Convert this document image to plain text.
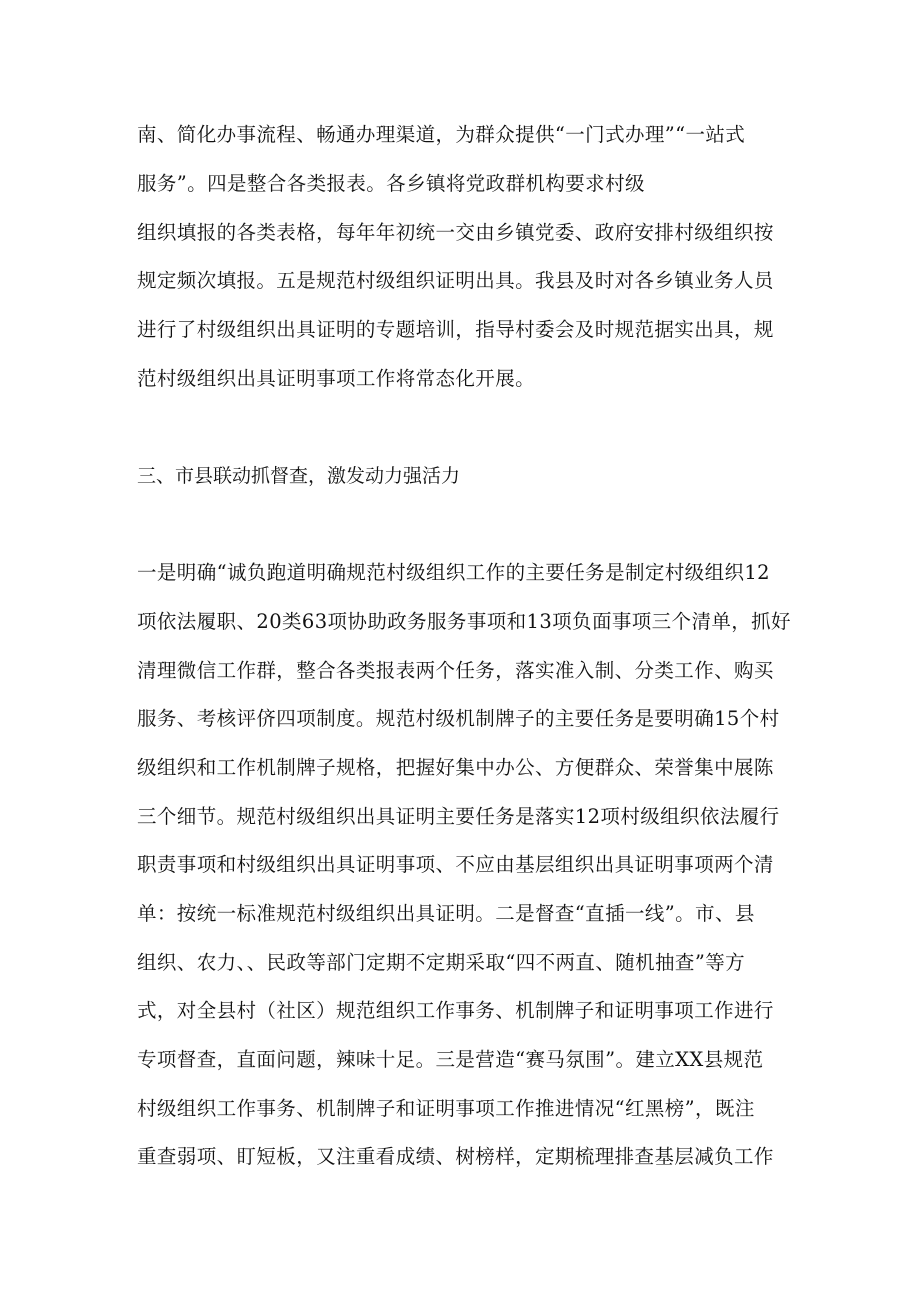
南、简化办事流程、畅通办理渠道，为群众提供“一门式办理”“一站式
服务”。四是整合各类报表。各乡镇将党政群机构要求村级
组织填报的各类表格，每年年初统一交由乡镇党委、政府安排村级组织按
规定频次填报。五是规范村级组织证明出具。我县及时对各乡镇业务人员
进行了村级组织出具证明的专题培训，指导村委会及时规范据实出具，规
范村级组织出具证明事项工作将常态化开展。
三、市县联动抓督查，激发动力强活力
一是明确“诚负跑道明确规范村级组织工作的主要任务是制定村级组织12
项依法履职、20类63项协助政务服务事项和13项负面事项三个清单，抓好
清理微信工作群，整合各类报表两个任务，落实准入制、分类工作、购买
服务、考核评侪四项制度。规范村级机制牌子的主要任务是要明确15个村
级组织和工作机制牌子规格，把握好集中办公、方便群众、荣誉集中展陈
三个细节。规范村级组织出具证明主要任务是落实12项村级组织依法履行
职责事项和村级组织出具证明事项、不应由基层组织出具证明事项两个清
单：按统一标准规范村级组织出具证明。二是督查“直插一线”。市、县
组织、农力、、民政等部门定期不定期采取“四不两直、随机抽查”等方
式，对全县村（社区）规范组织工作事务、机制牌子和证明事项工作进行
专项督查，直面问题，辣味十足。三是营造“赛马氛围”。建立XX县规范
村级组织工作事务、机制牌子和证明事项工作推进情况“红黑榜”，既注
重查弱项、盯短板，又注重看成绩、树榜样，定期梳理排查基层减负工作
